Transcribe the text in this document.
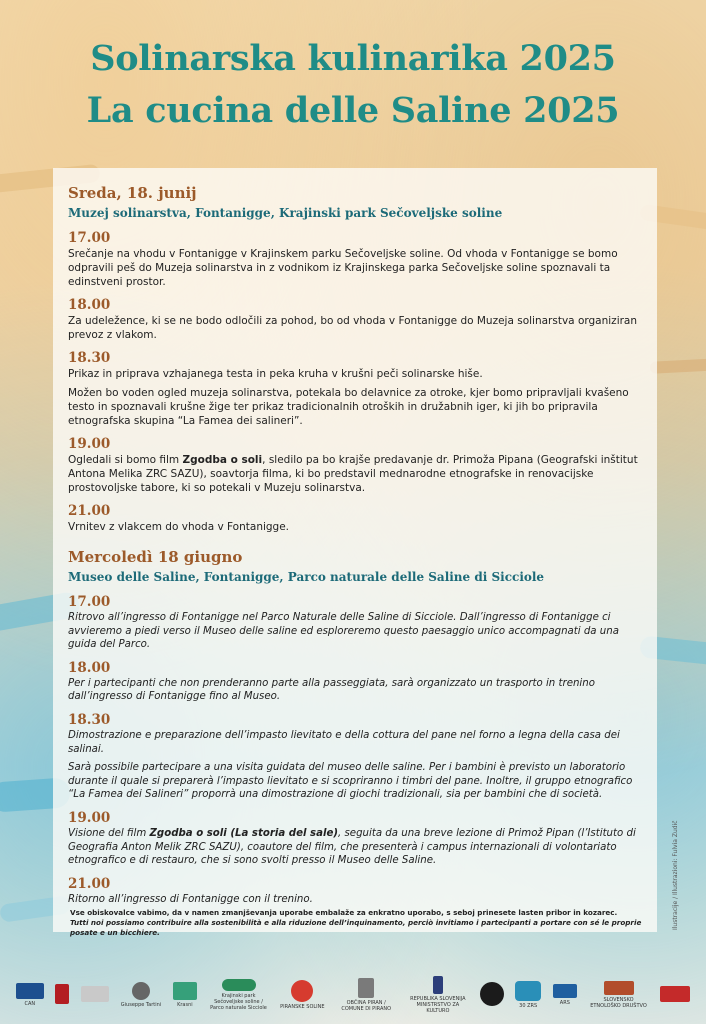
Solinarska kulinarika 2025
La cucina delle Saline 2025
Sreda, 18. junij
Muzej solinarstva, Fontanigge, Krajinski park Sečoveljske soline
17.00

Srečanje na vhodu v Fontanigge v Krajinskem parku Sečoveljske soline. Od vhoda v Fontanigge se bomo odpravili peš do Muzeja solinarstva in z vodnikom iz Krajinskega parka Sečoveljske soline spoznavali ta edinstveni prostor.

18.00

Za udeležence, ki se ne bodo odločili za pohod, bo od vhoda v Fontanigge do Muzeja solinarstva organiziran prevoz z vlakom.

18.30

Prikaz in priprava vzhajanega testa in peka kruha v krušni peči solinarske hiše.

Možen bo voden ogled muzeja solinarstva, potekala bo delavnice za otroke, kjer bomo pripravljali kvašeno testo in spoznavali krušne žige ter prikaz tradicionalnih otroških in družabnih iger, ki jih bo pripravila etnografska skupina “La Famea dei salineri”.

19.00

Ogledali si bomo film Zgodba o soli, sledilo pa bo krajše predavanje dr. Primoža Pipana (Geografski inštitut Antona Melika ZRC SAZU), soavtorja filma, ki bo predstavil mednarodne etnografske in renovacijske prostovoljske tabore, ki so potekali v Muzeju solinarstva.

21.00

Vrnitev z vlakcem do vhoda v Fontanigge.

Mercoledì 18 giugno
Museo delle Saline, Fontanigge, Parco naturale delle Saline di Sicciole
17.00

Ritrovo all’ingresso di Fontanigge nel Parco Naturale delle Saline di Sicciole. Dall’ingresso di Fontanigge ci avvieremo a piedi verso il Museo delle saline ed esploreremo questo paesaggio unico accompagnati da una guida del Parco.

18.00

Per i partecipanti che non prenderanno parte alla passeggiata, sarà organizzato un trasporto in trenino dall’ingresso di Fontanigge fino al Museo.

18.30

Dimostrazione e preparazione dell’impasto lievitato e della cottura del pane nel forno a legna della casa dei salinai.

Sarà possibile partecipare a una visita guidata del museo delle saline. Per i bambini è previsto un laboratorio durante il quale si preparerà l’impasto lievitato e si scopriranno i timbri del pane. Inoltre, il gruppo etnografico “La Famea dei Salineri” proporrà una dimostrazione di giochi tradizionali, sia per bambini che di società.

19.00

Visione del film Zgodba o soli (La storia del sale), seguita da una breve lezione di Primož Pipan (l’Istituto di Geografia Anton Melik ZRC SAZU), coautore del film, che presenterà i campus internazionali di volontariato etnografico e di restauro, che si sono svolti presso il Museo delle Saline.

21.00

Ritorno all’ingresso di Fontanigge con il trenino.

Vse obiskovalce vabimo, da v namen zmanjševanja uporabe embalaže za enkratno uporabo, s seboj prinesete lasten pribor in kozarec.
Tutti noi possiamo contribuire alla sostenibilità e alla riduzione dell’inquinamento, perciò invitiamo i partecipanti a portare con sé le proprie posate e un bicchiere.
Ilustracije / Illustrazioni: Fulvia Zudič
CAN	Giuseppe Tartini	Krasni
Krajinski park Sečoveljske soline / Parco naturale Sicciole	PIRANSKE SOLINE
OBČINA PIRAN / COMUNE DI PIRANO
REPUBLIKA SLOVENIJA MINISTRSTVO ZA KULTURO
30 ZRS	ARS	SLOVENSKO ETNOLOŠKO DRUŠTVO
